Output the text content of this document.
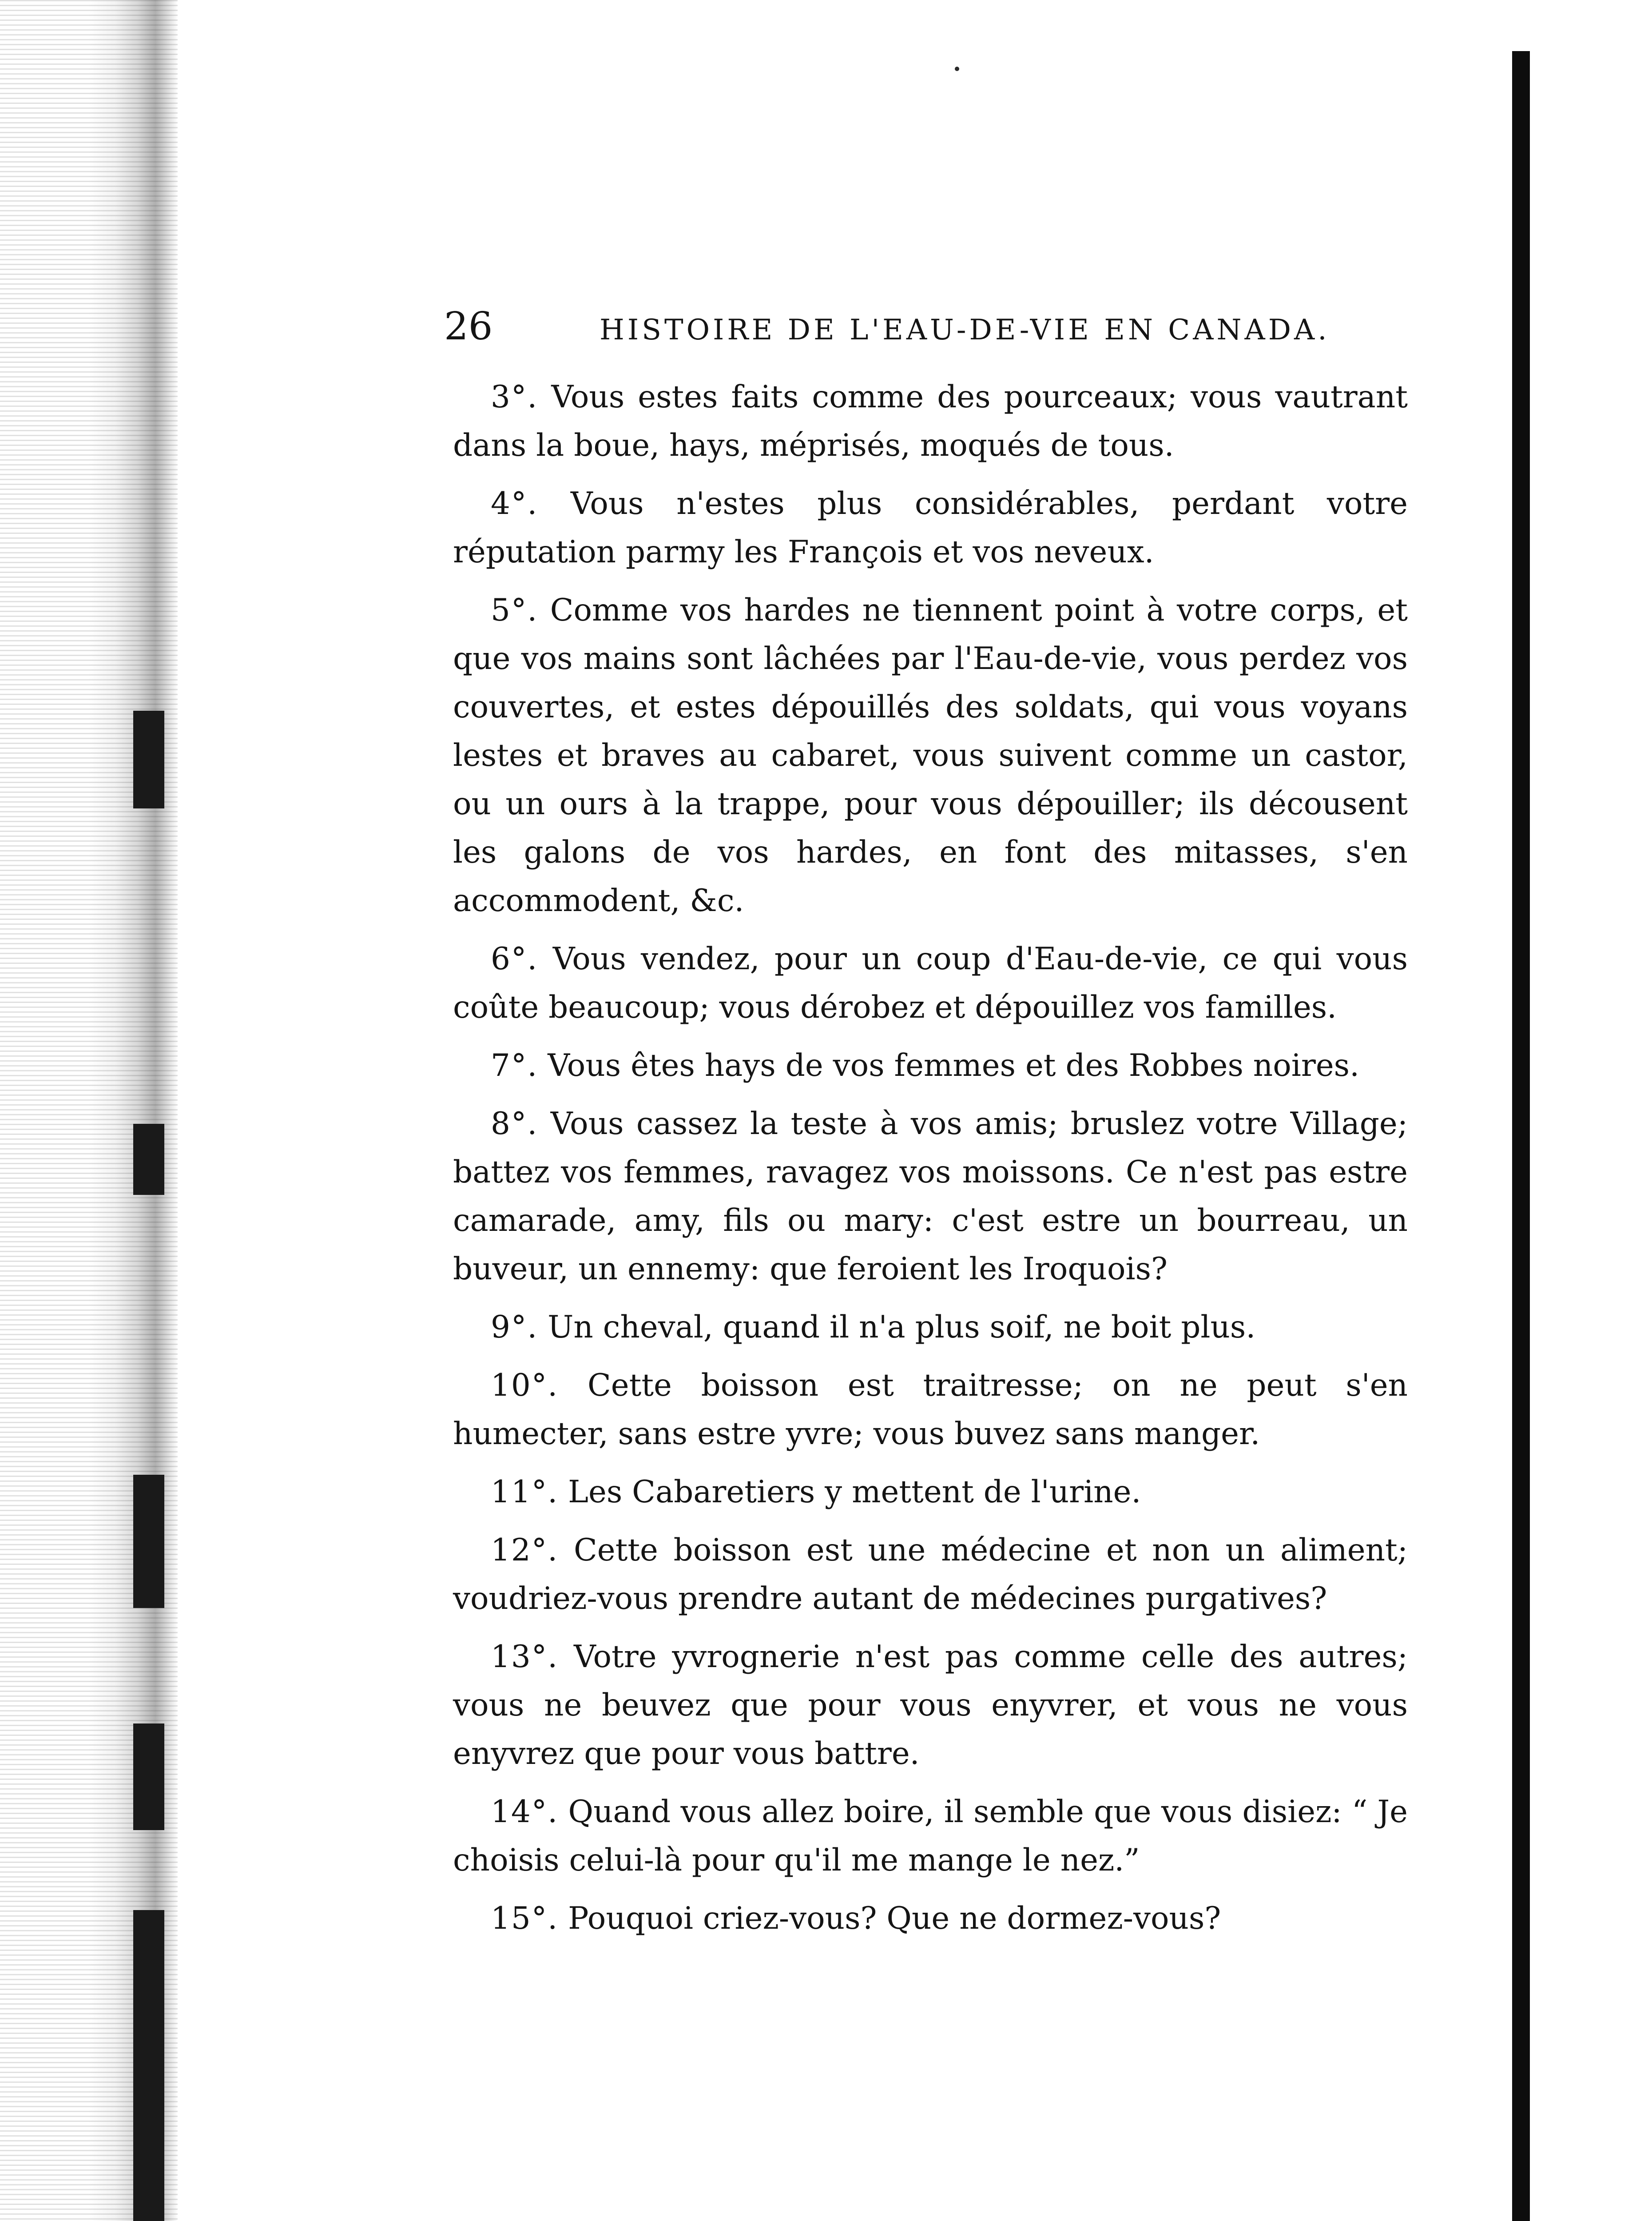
26	HISTOIRE DE L'EAU-DE-VIE EN CANADA.

3°. Vous estes faits comme des pourceaux; vous vautrant dans la boue, hays, méprisés, moqués de tous.

4°. Vous n'estes plus considérables, perdant votre réputation parmy les François et vos neveux.

5°. Comme vos hardes ne tiennent point à votre corps, et que vos mains sont lâchées par l'Eau-de-vie, vous perdez vos couvertes, et estes dépouillés des soldats, qui vous voyans lestes et braves au cabaret, vous suivent comme un castor, ou un ours à la trappe, pour vous dépouiller; ils décousent les galons de vos hardes, en font des mitasses, s'en accommodent, &c.

6°. Vous vendez, pour un coup d'Eau-de-vie, ce qui vous coûte beaucoup; vous dérobez et dépouillez vos familles.

7°. Vous êtes hays de vos femmes et des Robbes noires.

8°. Vous cassez la teste à vos amis; bruslez votre Village; battez vos femmes, ravagez vos moissons. Ce n'est pas estre camarade, amy, fils ou mary: c'est estre un bourreau, un buveur, un ennemy: que feroient les Iroquois?

9°. Un cheval, quand il n'a plus soif, ne boit plus.

10°. Cette boisson est traitresse; on ne peut s'en humecter, sans estre yvre; vous buvez sans manger.

11°. Les Cabaretiers y mettent de l'urine.

12°. Cette boisson est une médecine et non un aliment; voudriez-vous prendre autant de médecines purgatives?

13°. Votre yvrognerie n'est pas comme celle des autres; vous ne beuvez que pour vous enyvrer, et vous ne vous enyvrez que pour vous battre.

14°. Quand vous allez boire, il semble que vous disiez: “ Je choisis celui-là pour qu'il me mange le nez.”

15°. Pouquoi criez-vous? Que ne dormez-vous?
